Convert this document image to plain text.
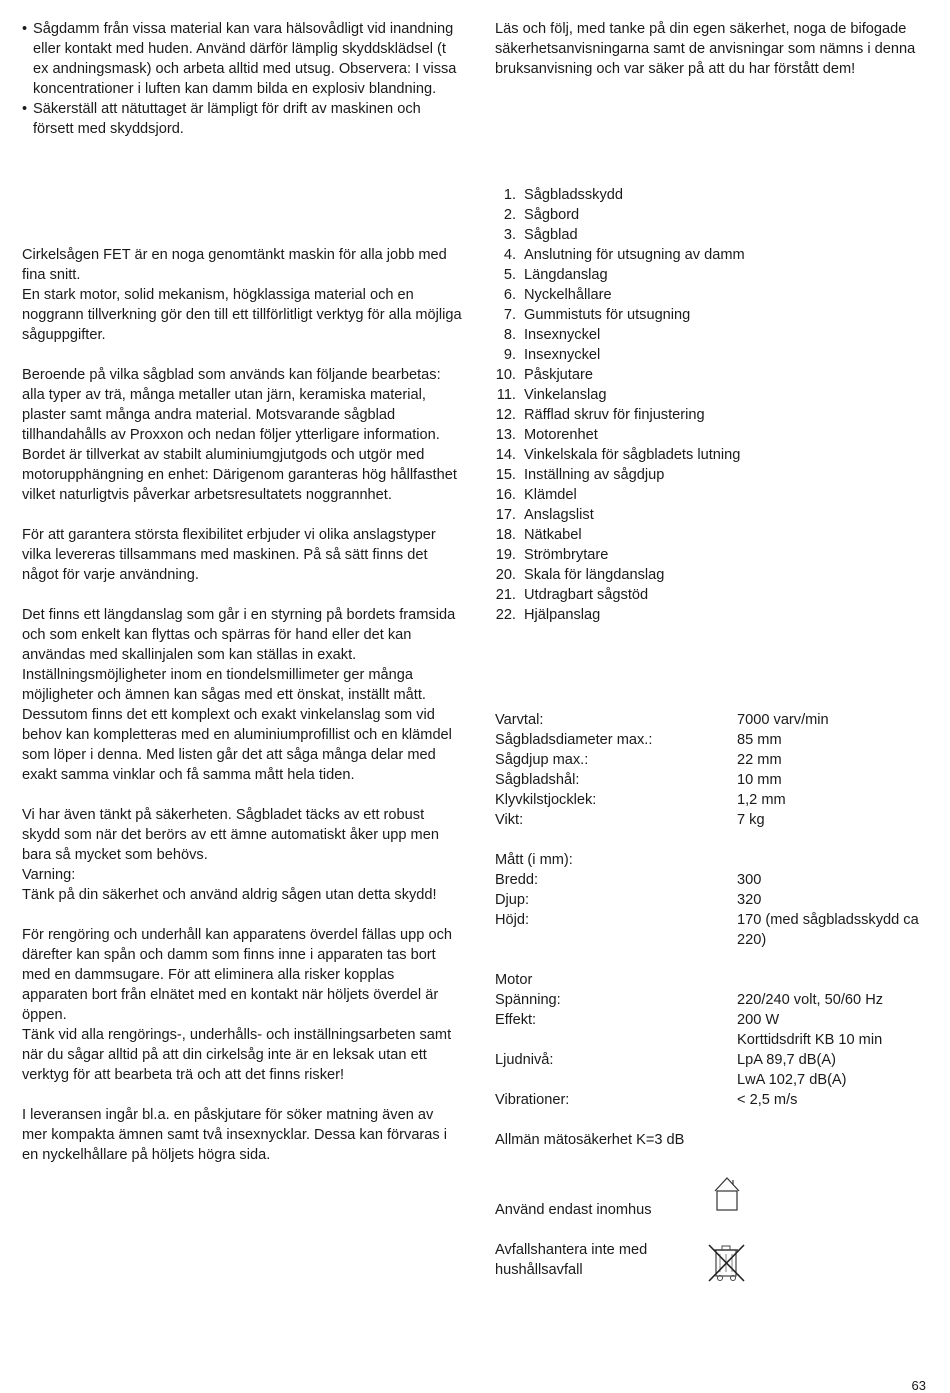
• Sågdamm från vissa material kan vara hälsovådligt vid inandning eller kontakt med huden. Använd därför lämplig skyddsklädsel (t ex andningsmask) och arbeta alltid med utsug. Observera: I vissa koncentrationer i luften kan damm bilda en explosiv blandning.

• Säkerställ att nätuttaget är lämpligt för drift av maskinen och försett med skyddsjord.

Cirkelsågen FET är en noga genomtänkt maskin för alla jobb med fina snitt.

En stark motor, solid mekanism, högklassiga material och en noggrann tillverkning gör den till ett tillförlitligt verktyg för alla möjliga såguppgifter.

Beroende på vilka sågblad som används kan följande bearbetas: alla typer av trä, många metaller utan järn, keramiska material, plaster samt många andra material. Motsvarande sågblad tillhandahålls av Proxxon och nedan följer ytterligare information.

Bordet är tillverkat av stabilt aluminiumgjutgods och utgör med motorupphängning en enhet: Därigenom garanteras hög hållfasthet vilket naturligtvis påverkar arbetsresultatets noggrannhet.

För att garantera största flexibilitet erbjuder vi olika anslagstyper vilka levereras tillsammans med maskinen. På så sätt finns det något för varje användning.

Det finns ett längdanslag som går i en styrning på bordets framsida och som enkelt kan flyttas och spärras för hand eller det kan användas med skallinjalen som kan ställas in exakt.

Inställningsmöjligheter inom en tiondelsmillimeter ger många möjligheter och ämnen kan sågas med ett önskat, inställt mått.

Dessutom finns det ett komplext och exakt vinkelanslag som vid behov kan kompletteras med en aluminiumprofillist och en klämdel som löper i denna. Med listen går det att såga många delar med exakt samma vinklar och få samma mått hela tiden.

Vi har även tänkt på säkerheten. Sågbladet täcks av ett robust skydd som när det berörs av ett ämne automatiskt åker upp men bara så mycket som behövs.

Varning:

Tänk på din säkerhet och använd aldrig sågen utan detta skydd!

För rengöring och underhåll kan apparatens överdel fällas upp och därefter kan spån och damm som finns inne i apparaten tas bort med en dammsugare. För att eliminera alla risker kopplas apparaten bort från elnätet med en kontakt när höljets överdel är öppen.

Tänk vid alla rengörings-, underhålls- och inställningsarbeten samt när du sågar alltid på att din cirkelsåg inte är en leksak utan ett verktyg för att bearbeta trä och att det finns risker!

I leveransen ingår bl.a. en påskjutare för söker matning även av mer kompakta ämnen samt två insexnycklar. Dessa kan förvaras i en nyckelhållare på höljets högra sida.

Läs och följ, med tanke på din egen säkerhet, noga de bifogade säkerhetsanvisningarna samt de anvisningar som nämns i denna bruksanvisning och var säker på att du har förstått dem!

1. Sågbladsskydd
2. Sågbord
3. Sågblad
4. Anslutning för utsugning av damm
5. Längdanslag
6. Nyckelhållare
7. Gummistuts för utsugning
8. Insexnyckel
9. Insexnyckel
10. Påskjutare
11. Vinkelanslag
12. Räfflad skruv för finjustering
13. Motorenhet
14. Vinkelskala för sågbladets lutning
15. Inställning av sågdjup
16. Klämdel
17. Anslagslist
18. Nätkabel
19. Strömbrytare
20. Skala för längdanslag
21. Utdragbart sågstöd
22. Hjälpanslag
Varvtal:	7000 varv/min
Sågbladsdiameter max.:	85 mm
Sågdjup max.:	22 mm
Sågbladshål:	10 mm
Klyvkilstjocklek:	1,2 mm
Vikt:	7 kg

Mått (i mm):

Bredd:	300
Djup:	320
Höjd:	170 (med sågbladsskydd ca 220)

Motor

Spänning:	220/240 volt, 50/60 Hz
Effekt:	200 W
Korttidsdrift KB 10 min
Ljudnivå:	LpA 89,7 dB(A)
LwA 102,7 dB(A)
Vibrationer:	< 2,5 m/s

Allmän mätosäkerhet K=3 dB

Använd endast inomhus

Avfallshantera inte med hushållsavfall

63
